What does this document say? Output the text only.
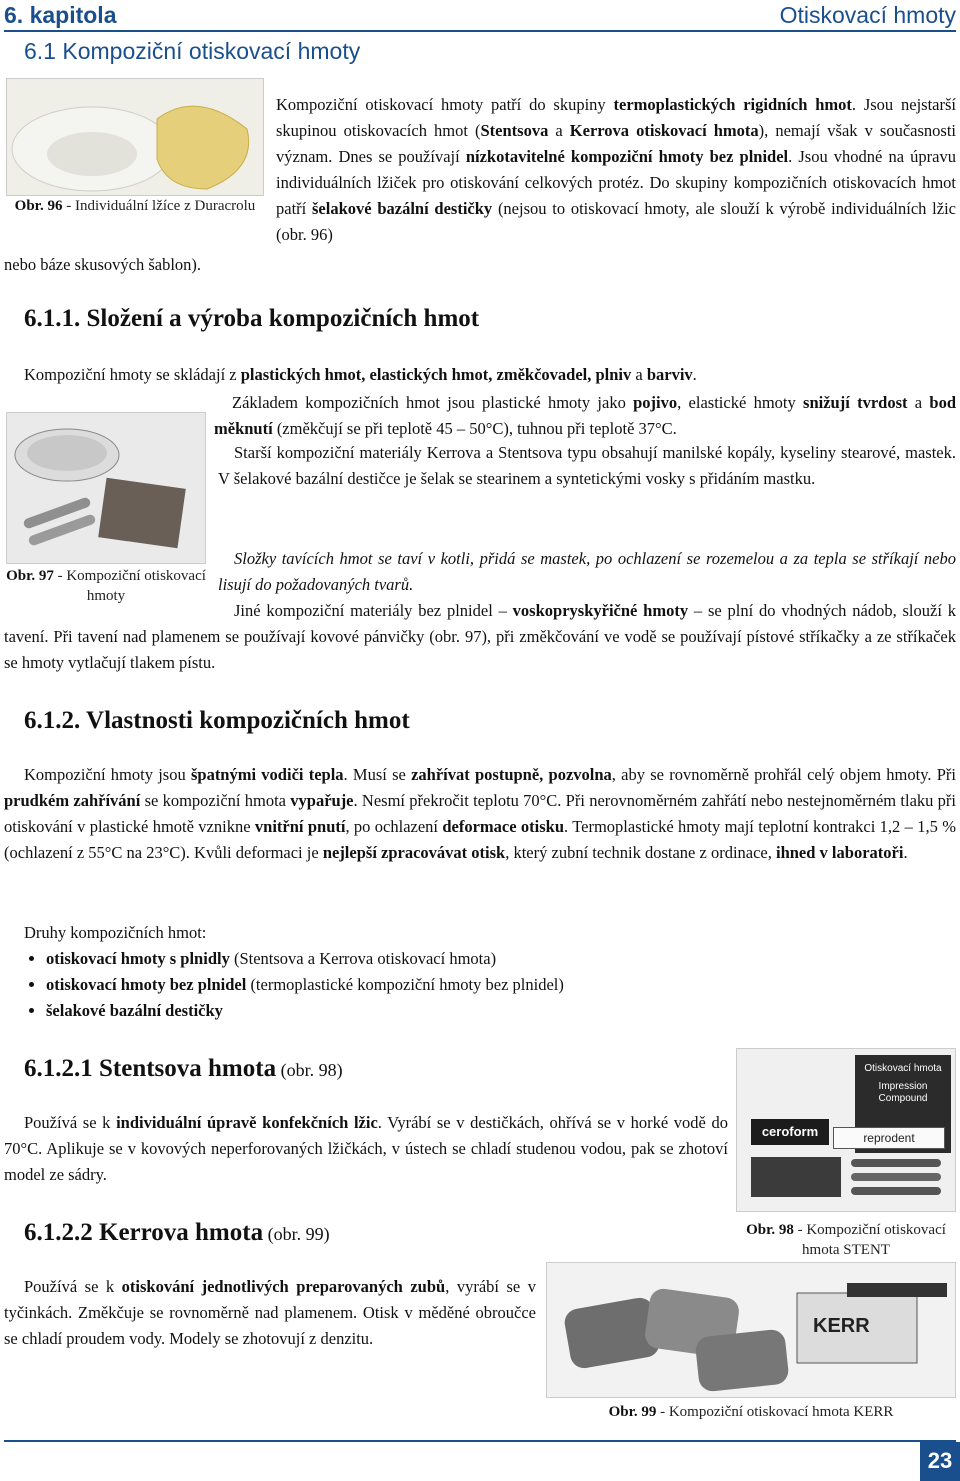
6. kapitola	Otiskovací hmoty
6.1 Kompoziční otiskovací hmoty
Obr. 96 - Individuální lžíce z Duracrolu
Kompoziční otiskovací hmoty patří do skupiny termoplastických rigidních hmot. Jsou nejstarší skupinou otiskovacích hmot (Stentsova a Kerrova otiskovací hmota), nemají však v současnosti význam. Dnes se používají nízkotavitelné kompoziční hmoty bez plnidel. Jsou vhodné na úpravu individuálních lžiček pro otiskování celkových protéz. Do skupiny kompozičních otiskovacích hmot patří šelakové bazální destičky (nejsou to otiskovací hmoty, ale slouží k výrobě individuálních lžic (obr. 96)
nebo báze skusových šablon).
6.1.1. Složení a výroba kompozičních hmot
Kompoziční hmoty se skládají z plastických hmot, elastických hmot, změkčovadel, plniv a barviv.
Základem kompozičních hmot jsou plastické hmoty jako pojivo, elastické hmoty snižují tvrdost a bod měknutí (změkčují se při teplotě 45 – 50°C), tuhnou při teplotě 37°C.
Obr. 97 - Kompoziční otiskovací hmoty
Starší kompoziční materiály Kerrova a Stentsova typu obsahují manilské kopály, kyseliny stearové, mastek. V šelakové bazální destičce je šelak se stearinem a syntetickými vosky s přidáním mastku.
Složky tavících hmot se taví v kotli, přidá se mastek, po ochlazení se rozemelou a za tepla se stříkají nebo lisují do požadovaných tvarů.
Jiné kompoziční materiály bez plnidel – voskopryskyřičné hmoty – se plní do vhodných nádob, slouží k tavení. Při tavení nad plamenem se používají kovové pánvičky (obr. 97), při změkčování ve vodě se používají pístové stříkačky a ze stříkaček se hmoty vytlačují tlakem pístu.
6.1.2. Vlastnosti kompozičních hmot
Kompoziční hmoty jsou špatnými vodiči tepla. Musí se zahřívat postupně, pozvolna, aby se rovnoměrně prohřál celý objem hmoty. Při prudkém zahřívání se kompoziční hmota vypařuje. Nesmí překročit teplotu 70°C. Při nerovnoměrném zahřátí nebo nestejnoměrném tlaku při otiskování v plastické hmotě vznikne vnitřní pnutí, po ochlazení deformace otisku. Termoplastické hmoty mají teplotní kontrakci 1,2 – 1,5 % (ochlazení z 55°C na 23°C). Kvůli deformaci je nejlepší zpracovávat otisk, který zubní technik dostane z ordinace, ihned v laboratoři.
Druhy kompozičních hmot:
• otiskovací hmoty s plnidly (Stentsova a Kerrova otiskovací hmota)
• otiskovací hmoty bez plnidel (termoplastické kompoziční hmoty bez plnidel)
• šelakové bazální destičky
6.1.2.1 Stentsova hmota (obr. 98)
Používá se k individuální úpravě konfekčních lžic. Vyrábí se v destičkách, ohřívá se v horké vodě do 70°C. Aplikuje se v kovových neperforovaných lžičkách, v ústech se chladí studenou vodou, pak se zhotoví model ze sádry.
Otiskovací hmota
Impression Compound
ceroform	reprodent
Obr. 98 - Kompoziční otiskovací hmota STENT
6.1.2.2 Kerrova hmota (obr. 99)
Používá se k otiskování jednotlivých preparovaných zubů, vyrábí se v tyčinkách. Změkčuje se rovnoměrně nad plamenem. Otisk v měděné obroučce se chladí proudem vody. Modely se zhotovují z denzitu.
KERR
Obr. 99 - Kompoziční otiskovací hmota KERR
23
